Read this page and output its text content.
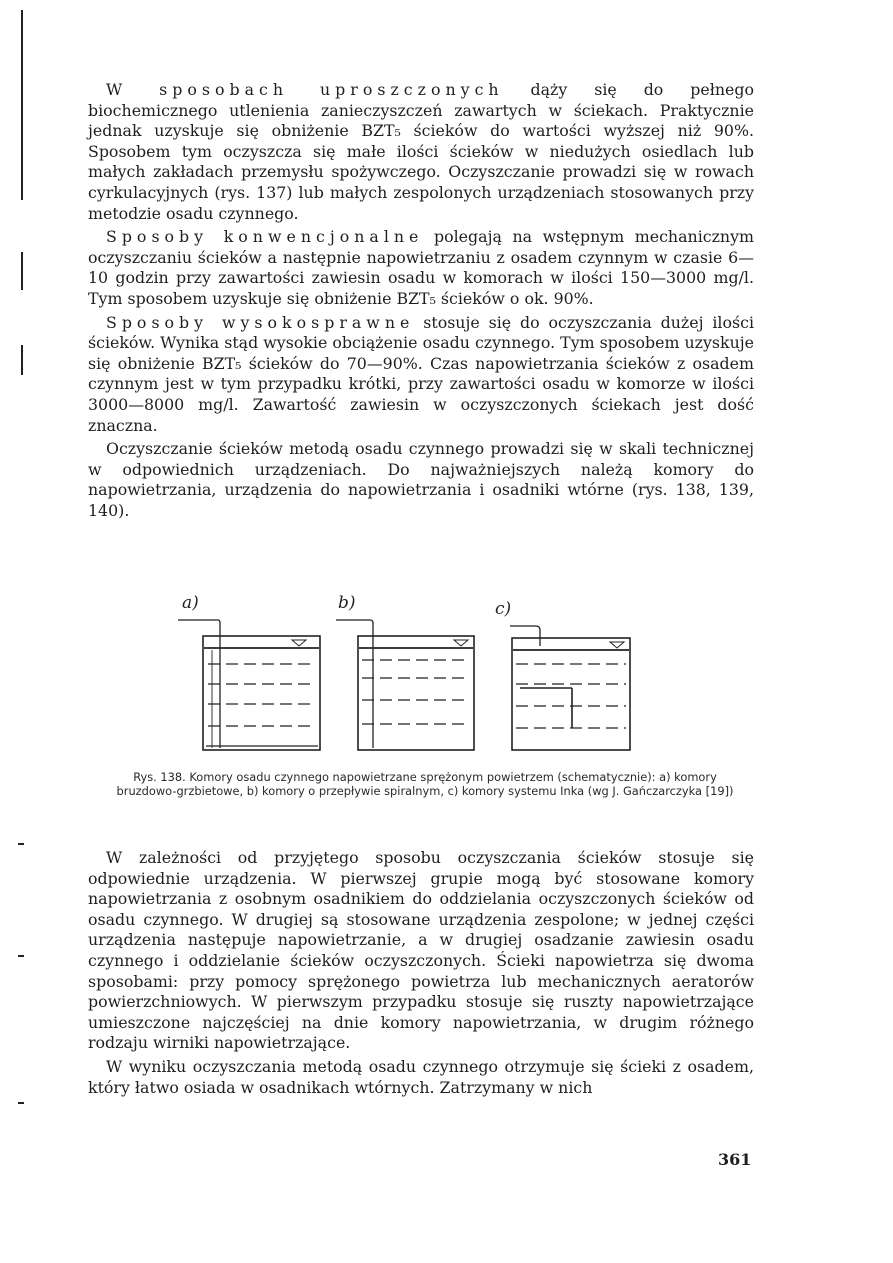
W sposobach uproszczonych dąży się do pełnego biochemicznego utlenienia zanieczyszczeń zawartych w ściekach. Praktycznie jednak uzyskuje się obniżenie BZT₅ ścieków do wartości wyższej niż 90%. Sposobem tym oczyszcza się małe ilości ścieków w niedużych osiedlach lub małych zakładach przemysłu spożywczego. Oczyszczanie prowadzi się w rowach cyrkulacyjnych (rys. 137) lub małych zespolonych urządzeniach stosowanych przy metodzie osadu czynnego.

Sposoby konwencjonalne polegają na wstępnym mechanicznym oczyszczaniu ścieków a następnie napowietrzaniu z osadem czynnym w czasie 6—10 godzin przy zawartości zawiesin osadu w komorach w ilości 150—3000 mg/l. Tym sposobem uzyskuje się obniżenie BZT₅ ścieków o ok. 90%.

Sposoby wysokosprawne stosuje się do oczyszczania dużej ilości ścieków. Wynika stąd wysokie obciążenie osadu czynnego. Tym sposobem uzyskuje się obniżenie BZT₅ ścieków do 70—90%. Czas napowietrzania ścieków z osadem czynnym jest w tym przypadku krótki, przy zawartości osadu w komorze w ilości 3000—8000 mg/l. Zawartość zawiesin w oczyszczonych ściekach jest dość znaczna.

Oczyszczanie ścieków metodą osadu czynnego prowadzi się w skali technicznej w odpowiednich urządzeniach. Do najważniejszych należą komory do napowietrzania, urządzenia do napowietrzania i osadniki wtórne (rys. 138, 139, 140).

a)	b)	c)
Rys. 138. Komory osadu czynnego napowietrzane sprężonym powietrzem (schematycznie): a) komory bruzdowo-grzbietowe, b) komory o przepływie spiralnym, c) komory systemu Inka (wg J. Gańczarczyka [19])

W zależności od przyjętego sposobu oczyszczania ścieków stosuje się odpowiednie urządzenia. W pierwszej grupie mogą być stosowane komory napowietrzania z osobnym osadnikiem do oddzielania oczyszczonych ścieków od osadu czynnego. W drugiej są stosowane urządzenia zespolone; w jednej części urządzenia następuje napowietrzanie, a w drugiej osadzanie zawiesin osadu czynnego i oddzielanie ścieków oczyszczonych. Ścieki napowietrza się dwoma sposobami: przy pomocy sprężonego powietrza lub mechanicznych aeratorów powierzchniowych. W pierwszym przypadku stosuje się ruszty napowietrzające umieszczone najczęściej na dnie komory napowietrzania, w drugim różnego rodzaju wirniki napowietrzające.

W wyniku oczyszczania metodą osadu czynnego otrzymuje się ścieki z osadem, który łatwo osiada w osadnikach wtórnych. Zatrzymany w nich

361
